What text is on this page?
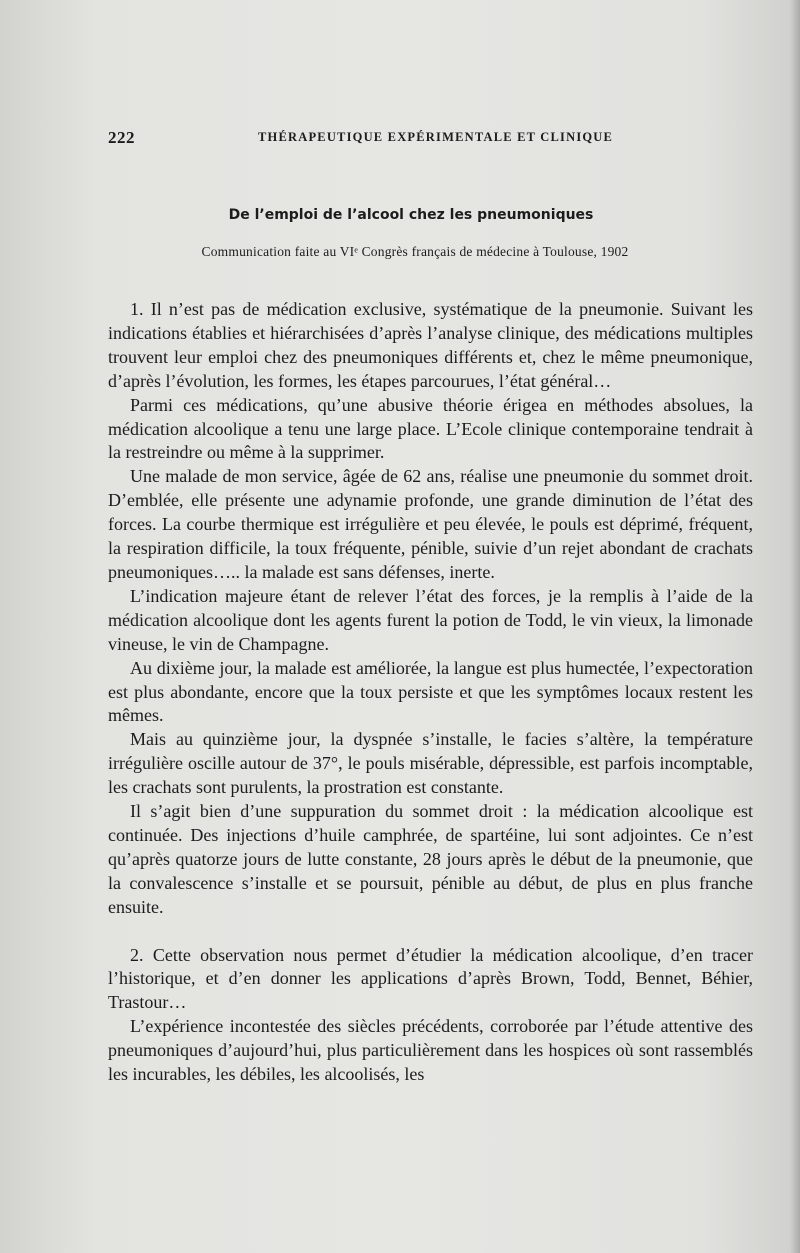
222	THÉRAPEUTIQUE EXPÉRIMENTALE ET CLINIQUE
De l’emploi de l’alcool chez les pneumoniques
Communication faite au VIᵉ Congrès français de médecine à Toulouse, 1902

1. Il n’est pas de médication exclusive, systématique de la pneumonie. Suivant les indications établies et hiérarchisées d’après l’analyse clinique, des médications multiples trouvent leur emploi chez des pneumoniques différents et, chez le même pneumonique, d’après l’évolution, les formes, les étapes parcourues, l’état général…

Parmi ces médications, qu’une abusive théorie érigea en méthodes absolues, la médication alcoolique a tenu une large place. L’Ecole clinique contemporaine tendrait à la restreindre ou même à la supprimer.

Une malade de mon service, âgée de 62 ans, réalise une pneumonie du sommet droit. D’emblée, elle présente une adynamie profonde, une grande diminution de l’état des forces. La courbe thermique est irrégulière et peu élevée, le pouls est déprimé, fréquent, la respiration difficile, la toux fréquente, pénible, suivie d’un rejet abondant de crachats pneumoniques….. la malade est sans défenses, inerte.

L’indication majeure étant de relever l’état des forces, je la remplis à l’aide de la médication alcoolique dont les agents furent la potion de Todd, le vin vieux, la limonade vineuse, le vin de Champagne.

Au dixième jour, la malade est améliorée, la langue est plus humectée, l’expectoration est plus abondante, encore que la toux persiste et que les symptômes locaux restent les mêmes.

Mais au quinzième jour, la dyspnée s’installe, le facies s’altère, la température irrégulière oscille autour de 37°, le pouls misérable, dépressible, est parfois incomptable, les crachats sont purulents, la prostration est constante.

Il s’agit bien d’une suppuration du sommet droit : la médication alcoolique est continuée. Des injections d’huile camphrée, de spartéine, lui sont adjointes. Ce n’est qu’après quatorze jours de lutte constante, 28 jours après le début de la pneumonie, que la convalescence s’installe et se poursuit, pénible au début, de plus en plus franche ensuite.

2. Cette observation nous permet d’étudier la médication alcoolique, d’en tracer l’historique, et d’en donner les applications d’après Brown, Todd, Bennet, Béhier, Trastour…

L’expérience incontestée des siècles précédents, corroborée par l’étude attentive des pneumoniques d’aujourd’hui, plus particulièrement dans les hospices où sont rassemblés les incurables, les débiles, les alcoolisés, les
